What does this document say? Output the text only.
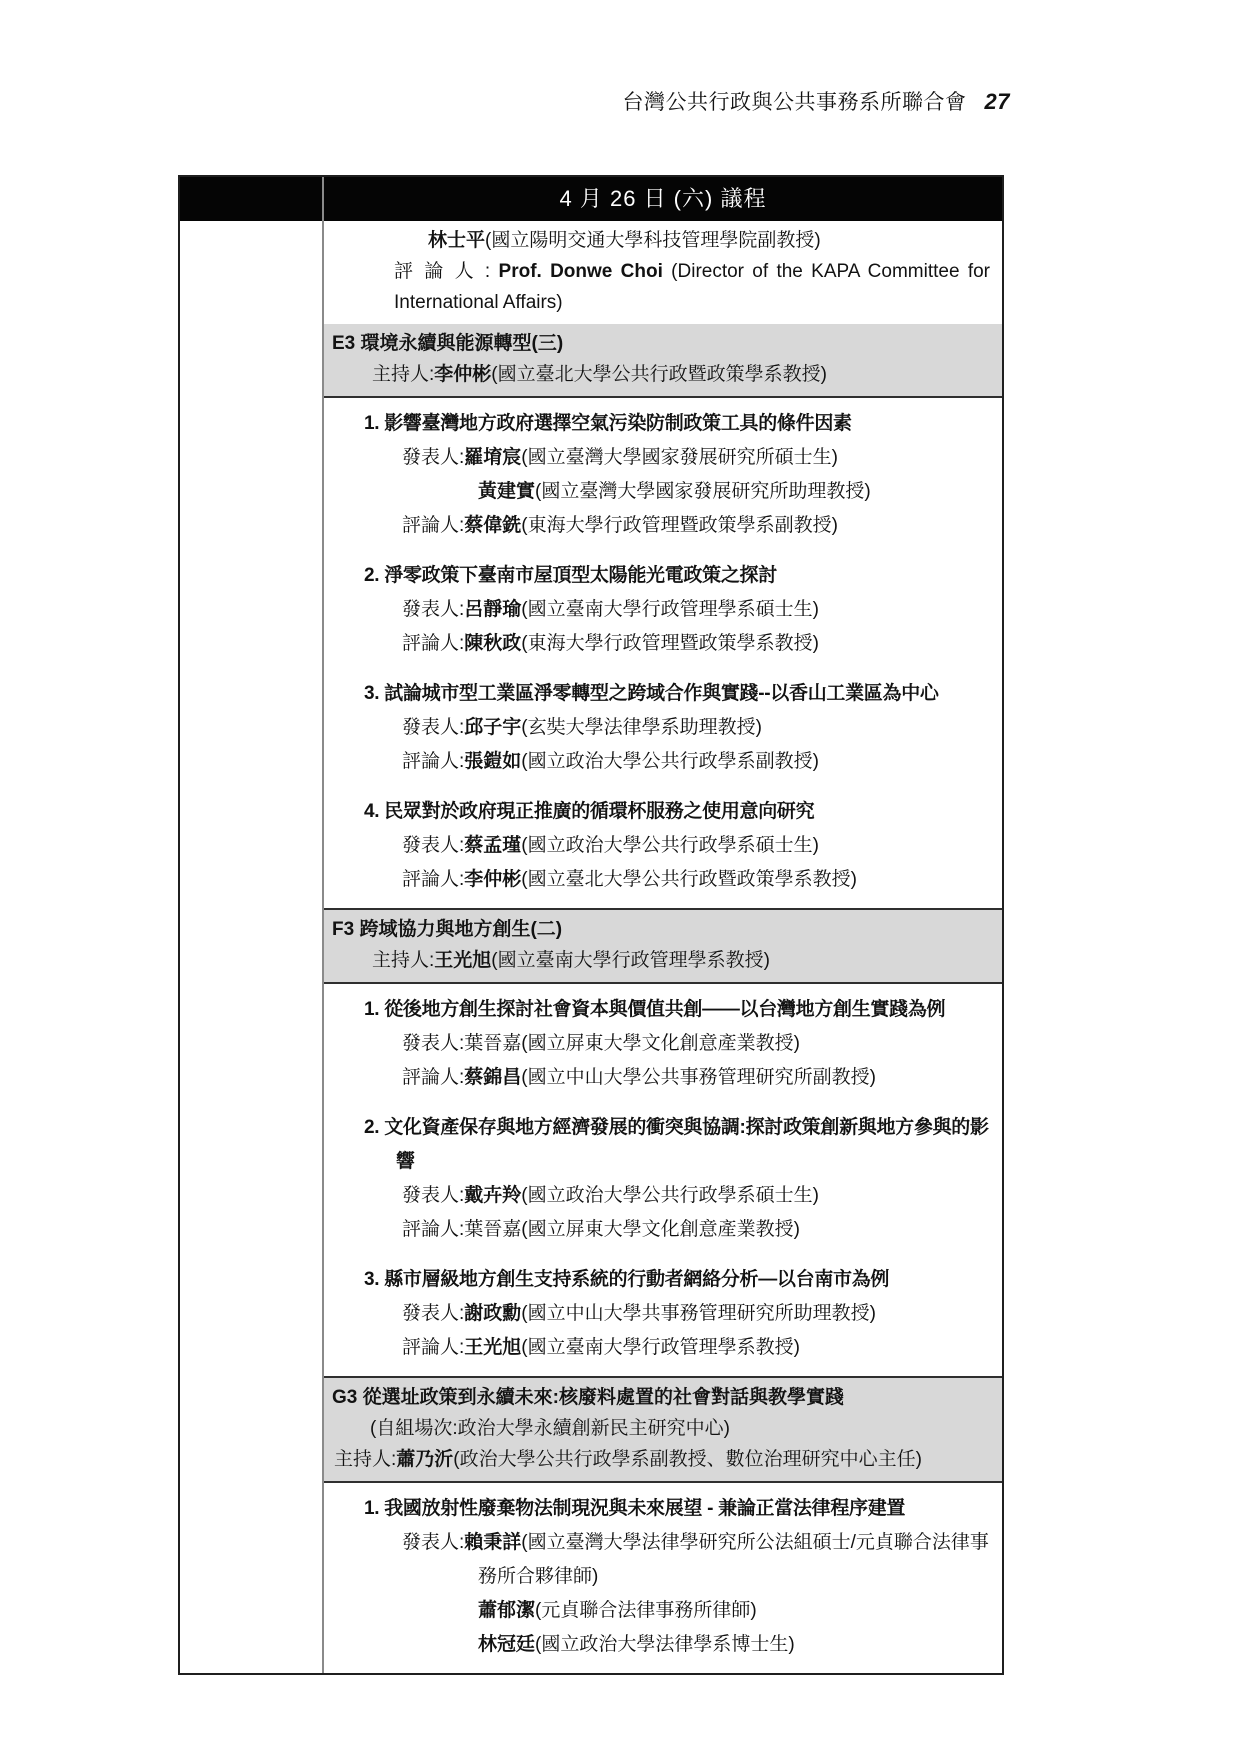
台灣公共行政與公共事務系所聯合會 27
4 月 26 日 (六) 議程
林士平(國立陽明交通大學科技管理學院副教授)
評 論 人 : Prof. Donwe Choi (Director of the KAPA Committee for International Affairs)
E3 環境永續與能源轉型(三)
主持人:李仲彬(國立臺北大學公共行政暨政策學系教授)
1. 影響臺灣地方政府選擇空氣污染防制政策工具的條件因素
發表人:羅堉宸(國立臺灣大學國家發展研究所碩士生)
黃建實(國立臺灣大學國家發展研究所助理教授)
評論人:蔡偉銑(東海大學行政管理暨政策學系副教授)
2. 淨零政策下臺南市屋頂型太陽能光電政策之探討
發表人:呂靜瑜(國立臺南大學行政管理學系碩士生)
評論人:陳秋政(東海大學行政管理暨政策學系教授)
3. 試論城市型工業區淨零轉型之跨域合作與實踐--以香山工業區為中心
發表人:邱子宇(玄奘大學法律學系助理教授)
評論人:張鎧如(國立政治大學公共行政學系副教授)
4. 民眾對於政府現正推廣的循環杯服務之使用意向研究
發表人:蔡孟瑾(國立政治大學公共行政學系碩士生)
評論人:李仲彬(國立臺北大學公共行政暨政策學系教授)
F3 跨域協力與地方創生(二)
主持人:王光旭(國立臺南大學行政管理學系教授)
1. 從後地方創生探討社會資本與價值共創——以台灣地方創生實踐為例
發表人:葉晉嘉(國立屏東大學文化創意產業教授)
評論人:蔡錦昌(國立中山大學公共事務管理研究所副教授)
2. 文化資產保存與地方經濟發展的衝突與協調:探討政策創新與地方參與的影響
發表人:戴卉羚(國立政治大學公共行政學系碩士生)
評論人:葉晉嘉(國立屏東大學文化創意產業教授)
3. 縣市層級地方創生支持系統的行動者網絡分析—以台南市為例
發表人:謝政勳(國立中山大學共事務管理研究所助理教授)
評論人:王光旭(國立臺南大學行政管理學系教授)
G3 從選址政策到永續未來:核廢料處置的社會對話與教學實踐
(自組場次:政治大學永續創新民主研究中心)
主持人:蕭乃沂(政治大學公共行政學系副教授、數位治理研究中心主任)
1. 我國放射性廢棄物法制現況與未來展望 - 兼論正當法律程序建置
發表人:賴秉詳(國立臺灣大學法律學研究所公法組碩士/元貞聯合法律事務所合夥律師)
蕭郁潔(元貞聯合法律事務所律師)
林冠廷(國立政治大學法律學系博士生)
